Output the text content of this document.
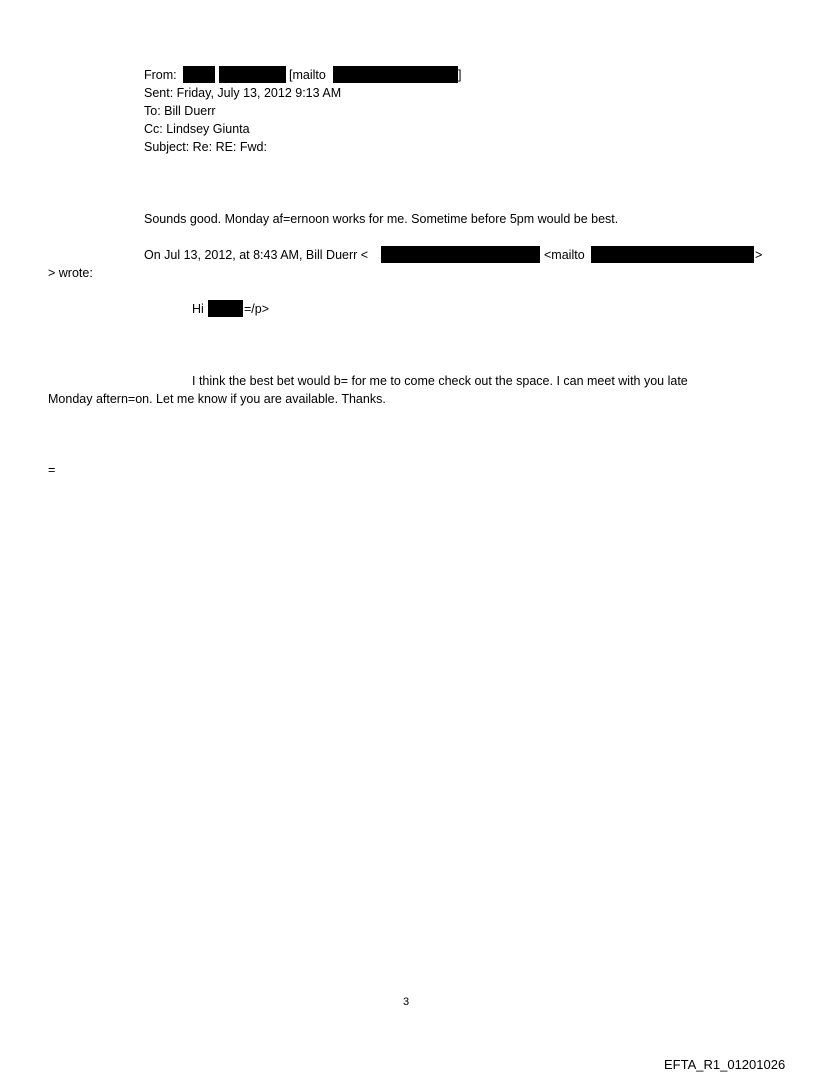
From:	[mailto	]
Sent: Friday, July 13, 2012 9:13 AM
To: Bill Duerr
Cc: Lindsey Giunta
Subject: Re: RE: Fwd:
Sounds good. Monday af=ernoon works for me. Sometime before 5pm would be best.
On Jul 13, 2012, at 8:43 AM, Bill Duerr <	<mailto	>
> wrote:
Hi	=/p>
I think the best bet would b= for me to come check out the space. I can meet with you late
Monday aftern=on. Let me know if you are available. Thanks.
=
3
EFTA_R1_01201026
